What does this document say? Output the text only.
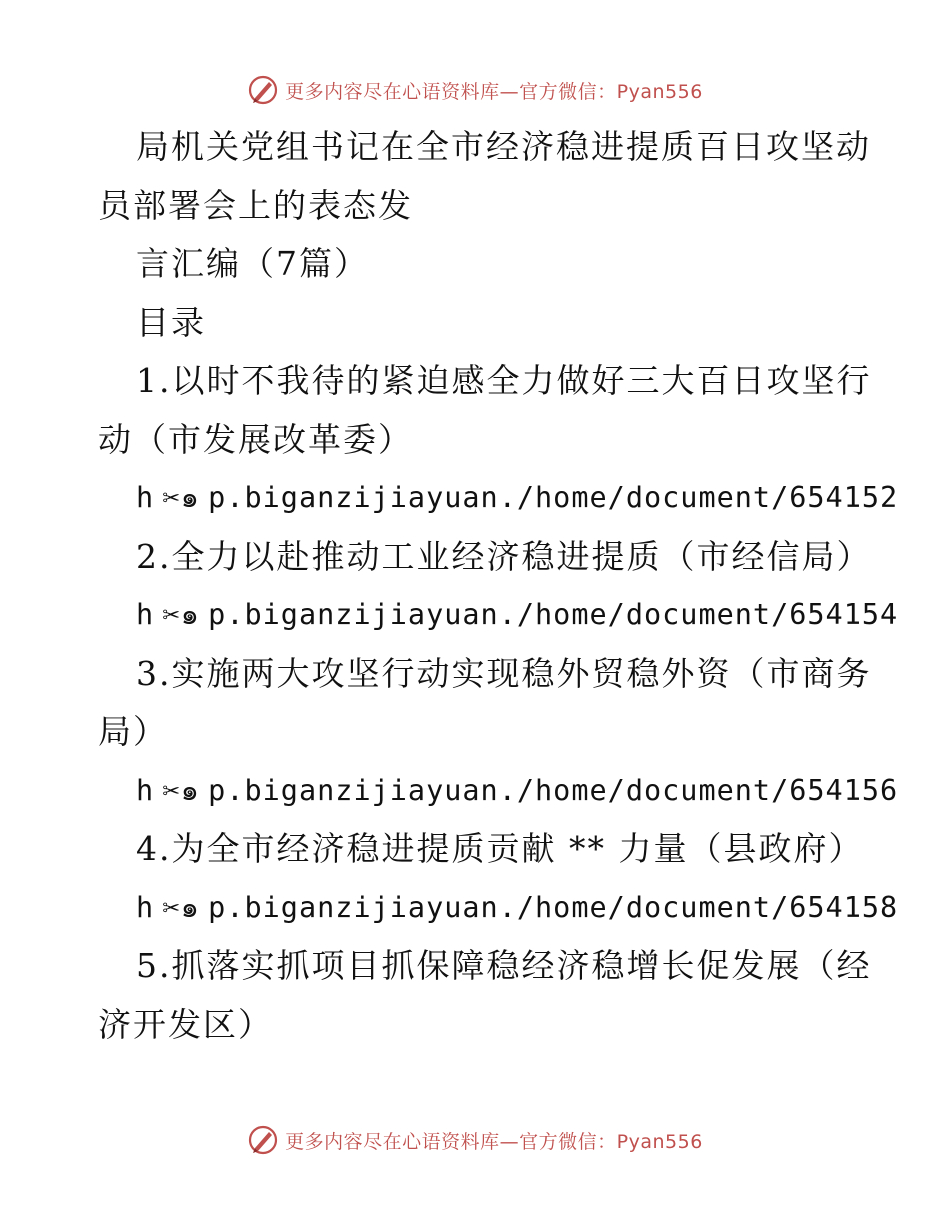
更多内容尽在心语资料库—官方微信：Pyan556
局机关党组书记在全市经济稳进提质百日攻坚动
员部署会上的表态发
言汇编（7篇）
目录
1.以时不我待的紧迫感全力做好三大百日攻坚行
动（市发展改革委）
h ✂๑ p.biganzijiayuan./home/document/654152
2.全力以赴推动工业经济稳进提质（市经信局）
h ✂๑ p.biganzijiayuan./home/document/654154
3.实施两大攻坚行动实现稳外贸稳外资（市商务
局）
h ✂๑ p.biganzijiayuan./home/document/654156
4.为全市经济稳进提质贡献 ** 力量（县政府）
h ✂๑ p.biganzijiayuan./home/document/654158
5.抓落实抓项目抓保障稳经济稳增长促发展（经
济开发区）
更多内容尽在心语资料库—官方微信：Pyan556
